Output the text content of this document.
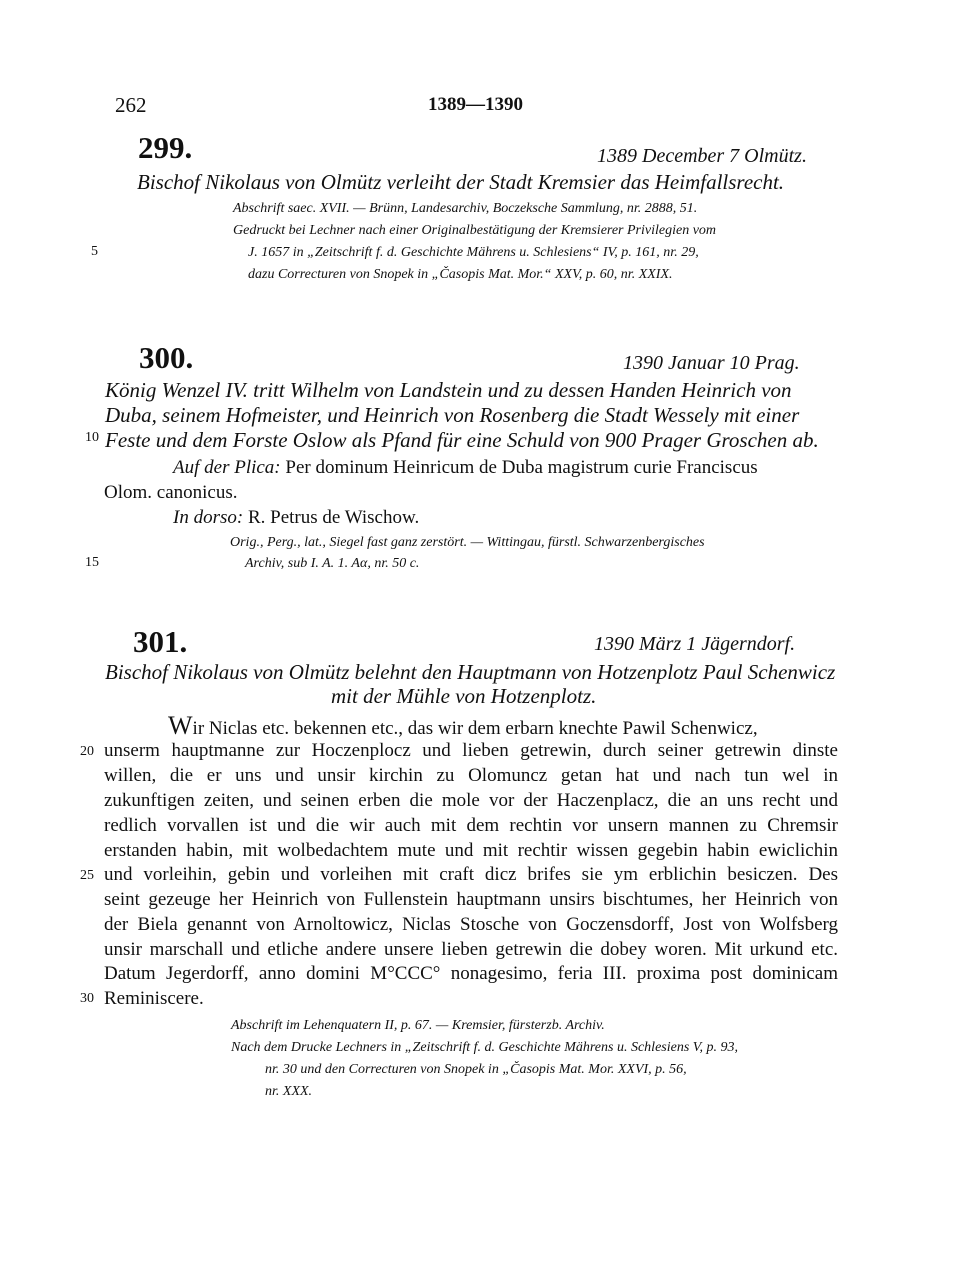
262	1389—1390
5
10
15
20
25
30
299.	1389 December 7 Olmütz.
Bischof Nikolaus von Olmütz verleiht der Stadt Kremsier das Heimfallsrecht.
Abschrift saec. XVII. — Brünn, Landesarchiv, Boczeksche Sammlung, nr. 2888, 51.
Gedruckt bei Lechner nach einer Originalbestätigung der Kremsierer Privilegien vom
J. 1657 in „Zeitschrift f. d. Geschichte Mährens u. Schlesiens“ IV, p. 161, nr. 29,
dazu Correcturen von Snopek in „Časopis Mat. Mor.“ XXV, p. 60, nr. XXIX.
300.	1390 Januar 10 Prag.
König Wenzel IV. tritt Wilhelm von Landstein und zu dessen Handen Heinrich von
Duba, seinem Hofmeister, und Heinrich von Rosenberg die Stadt Wessely mit einer
Feste und dem Forste Oslow als Pfand für eine Schuld von 900 Prager Groschen ab.
Auf der Plica: Per dominum Heinricum de Duba magistrum curie Franciscus
Olom. canonicus.
In dorso: R. Petrus de Wischow.
Orig., Perg., lat., Siegel fast ganz zerstört. — Wittingau, fürstl. Schwarzenbergisches
Archiv, sub I. A. 1. Aα, nr. 50 c.
301.	1390 März 1 Jägerndorf.
Bischof Nikolaus von Olmütz belehnt den Hauptmann von Hotzenplotz Paul Schenwicz
mit der Mühle von Hotzenplotz.
Wir Niclas etc. bekennen etc., das wir dem erbarn knechte Pawil Schenwicz,
unserm hauptmanne zur Hoczenplocz und lieben getrewin, durch seiner getrewin dinste
willen, die er uns und unsir kirchin zu Olomuncz getan hat und nach tun wel in
zukunftigen zeiten, und seinen erben die mole vor der Haczenplacz, die an uns recht und
redlich vorvallen ist und die wir auch mit dem rechtin vor unsern mannen zu Chremsir
erstanden habin, mit wolbedachtem mute und mit rechtir wissen gegebin habin ewiclichin
und vorleihin, gebin und vorleihen mit craft dicz brifes sie ym erblichin besiczen. Des
seint gezeuge her Heinrich von Fullenstein hauptmann unsirs bischtumes, her Heinrich von
der Biela genannt von Arnoltowicz, Niclas Stosche von Goczensdorff, Jost von Wolfsberg
unsir marschall und etliche andere unsere lieben getrewin die dobey woren. Mit urkund etc.
Datum Jegerdorff, anno domini M°CCC° nonagesimo, feria III. proxima post dominicam
Reminiscere.
Abschrift im Lehenquatern II, p. 67. — Kremsier, fürsterzb. Archiv.
Nach dem Drucke Lechners in „Zeitschrift f. d. Geschichte Mährens u. Schlesiens V, p. 93,
nr. 30 und den Correcturen von Snopek in „Časopis Mat. Mor. XXVI, p. 56,
nr. XXX.
